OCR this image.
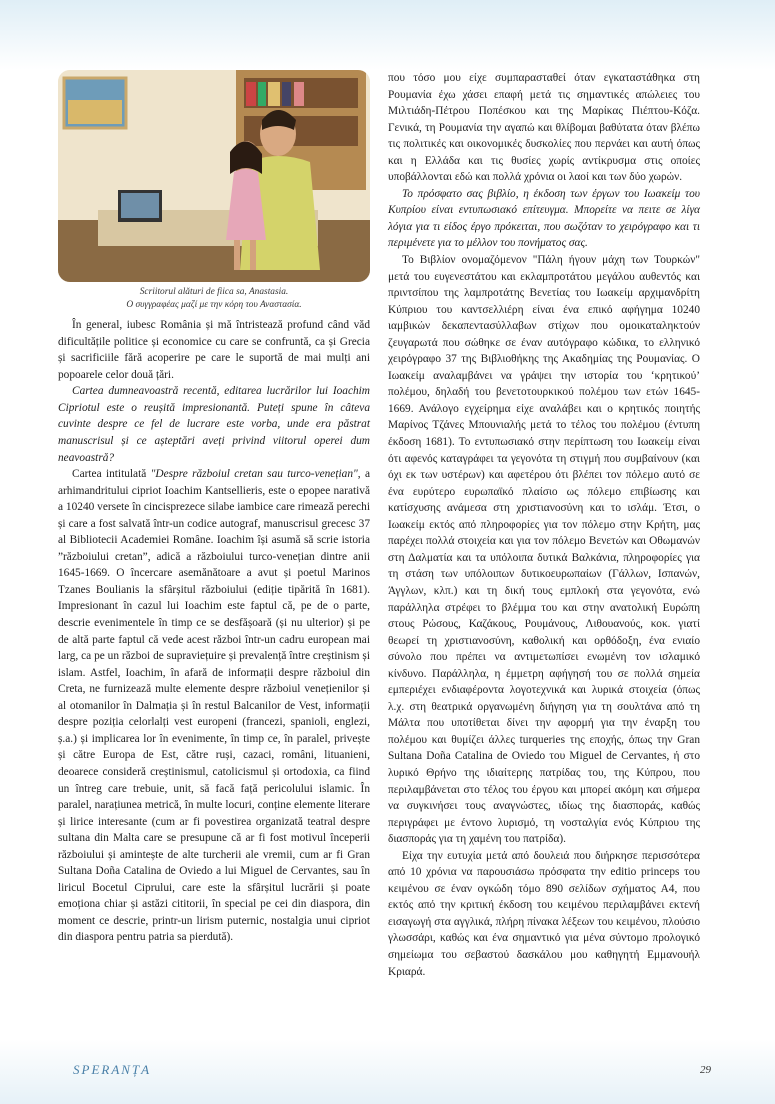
Scriitorul alături de fiica sa, Anastasia.
Ο συγγραφέας μαζί με την κόρη του Αναστασία.

În general, iubesc România și mă întristează profund când văd dificultățile politice și economice cu care se confruntă, ca și Grecia și sacrificiile fără acoperire pe care le suportă de mai mulți ani popoarele celor două țări.

Cartea dumneavoastră recentă, editarea lucrărilor lui Ioachim Cipriotul este o reușită impresionantă. Puteți spune în câteva cuvinte despre ce fel de lucrare este vorba, unde era păstrat manuscrisul și ce așteptări aveți privind viitorul operei dum neavoastră?

Cartea intitulată "Despre războiul cretan sau turco-venețian", a arhimandritului cipriot Ioachim Kantsellieris, este o epopee narativă a 10240 versete în cincisprezece silabe iambice care rimează perechi și care a fost salvată într-un codice autograf, manuscrisul grecesc 37 al Bibliotecii Academiei Române. Ioachim își asumă să scrie istoria ”războiului cretan”, adică a războiului turco-venețian dintre anii 1645-1669. O încercare asemănătoare a avut și poetul Marinos Tzanes Boulianis la sfârșitul războiului (ediție tipărită în 1681). Impresionant în cazul lui Ioachim este faptul că, pe de o parte, descrie evenimentele în timp ce se desfășoară (și nu ulterior) și pe de altă parte faptul că vede acest război într-un cadru european mai larg, ca pe un război de supraviețuire și prevalență între creștinism și islam. Astfel, Ioachim, în afară de informații despre războiul din Creta, ne furnizează multe elemente despre războiul venețienilor și al otomanilor în Dalmația și în restul Balcanilor de Vest, informații despre poziția celorlalți vest europeni (francezi, spanioli, englezi, ș.a.) și implicarea lor în evenimente, în timp ce, în paralel, privește și către Europa de Est, către ruși, cazaci, români, lituanieni, deoarece consideră creștinismul, catolicismul și ortodoxia, ca fiind un întreg care trebuie, unit, să facă față pericolului islamic. În paralel, narațiunea metrică, în multe locuri, conține elemente literare și lirice interesante (cum ar fi povestirea organizată teatral despre sultana din Malta care se presupune că ar fi fost motivul începerii războiului și amintește de alte turcherii ale vremii, cum ar fi Gran Sultana Doña Catalina de Oviedo a lui Miguel de Cervantes, sau în liricul Bocetul Ciprului, care este la sfârșitul lucrării și poate emoționa chiar și astăzi cititorii, în special pe cei din diaspora, din moment ce descrie, printr-un lirism puternic, nostalgia unui cipriot din diaspora pentru patria sa pierdută).

που τόσο μου είχε συμπαρασταθεί όταν εγκαταστάθηκα στη Ρουμανία έχω χάσει επαφή μετά τις σημαντικές απώλειες του Μιλτιάδη-Πέτρου Ποπέσκου και της Μαρίκας Πιέπτου-Κόζα. Γενικά, τη Ρουμανία την αγαπώ και θλίβομαι βαθύτατα όταν βλέπω τις πολιτικές και οικονομικές δυσκολίες που περνάει και αυτή όπως και η Ελλάδα και τις θυσίες χωρίς αντίκρυσμα στις οποίες υποβάλλονται εδώ και πολλά χρόνια οι λαοί και των δύο χωρών.

Το πρόσφατο σας βιβλίο, η έκδοση των έργων του Ιωακείμ του Κυπρίου είναι εντυπωσιακό επίτευγμα. Μπορείτε να πειτε σε λίγα λόγια για τι είδος έργο πρόκειται, που σωζόταν το χειρόγραφο και τι περιμένετε για το μέλλον του πονήματος σας.

Το Βιβλίον ονομαζόμενον "Πάλη ήγουν μάχη των Τουρκών" μετά του ευγενεστάτου και εκλαμπροτάτου μεγάλου αυθεντός και πριντσίπου της λαμπροτάτης Βενετίας του Ιωακείμ αρχιμανδρίτη Κύπριου του καντσελλιέρη είναι ένα επικό αφήγημα 10240 ιαμβικών δεκαπεντασύλλαβων στίχων που ομοικαταληκτούν ζευγαρωτά που σώθηκε σε έναν αυτόγραφο κώδικα, το ελληνικό χειρόγραφο 37 της Βιβλιοθήκης της Ακαδημίας της Ρουμανίας. Ο Ιωακείμ αναλαμβάνει να γράψει την ιστορία του ‘κρητικού’ πολέμου, δηλαδή του βενετοτουρκικού πολέμου των ετών 1645-1669. Ανάλογο εγχείρημα είχε αναλάβει και ο κρητικός ποιητής Μαρίνος Τζάνες Μπουνιαλής μετά το τέλος του πολέμου (έντυπη έκδοση 1681). Το εντυπωσιακό στην περίπτωση του Ιωακείμ είναι ότι αφενός καταγράφει τα γεγονότα τη στιγμή που συμβαίνουν (και όχι εκ των υστέρων) και αφετέρου ότι βλέπει τον πόλεμο αυτό σε ένα ευρύτερο ευρωπαϊκό πλαίσιο ως πόλεμο επιβίωσης και κατίσχυσης ανάμεσα στη χριστιανοσύνη και το ισλάμ. Έτσι, ο Ιωακείμ εκτός από πληροφορίες για τον πόλεμο στην Κρήτη, μας παρέχει πολλά στοιχεία και για τον πόλεμο Βενετών και Οθωμανών στη Δαλματία και τα υπόλοιπα δυτικά Βαλκάνια, πληροφορίες για τη στάση των υπόλοιπων δυτικοευρωπαίων (Γάλλων, Ισπανών, Άγγλων, κλπ.) και τη δική τους εμπλοκή στα γεγονότα, ενώ παράλληλα στρέφει το βλέμμα του και στην ανατολική Ευρώπη στους Ρώσους, Καζάκους, Ρουμάνους, Λιθουανούς, κοκ. γιατί θεωρεί τη χριστιανοσύνη, καθολική και ορθόδοξη, ένα ενιαίο σύνολο που πρέπει να αντιμετωπίσει ενωμένη τον ισλαμικό κίνδυνο. Παράλληλα, η έμμετρη αφήγησή του σε πολλά σημεία εμπεριέχει ενδιαφέροντα λογοτεχνικά και λυρικά στοιχεία (όπως λ.χ. στη θεατρικά οργανωμένη διήγηση για τη σουλτάνα από τη Μάλτα που υποτίθεται δίνει την αφορμή για την έναρξη του πολέμου και θυμίζει άλλες turqueries της εποχής, όπως την Gran Sultana Doña Catalina de Oviedo του Miguel de Cervantes, ή στο λυρικό Θρήνο της ιδιαίτερης πατρίδας του, της Κύπρου, που περιλαμβάνεται στο τέλος του έργου και μπορεί ακόμη και σήμερα να συγκινήσει τους αναγνώστες, ιδίως της διασποράς, καθώς περιγράφει με έντονο λυρισμό, τη νοσταλγία ενός Κύπριου της διασποράς για τη χαμένη του πατρίδα).

Είχα την ευτυχία μετά από δουλειά που διήρκησε περισσότερα από 10 χρόνια να παρουσιάσω πρόσφατα την editio princeps του κειμένου σε έναν ογκώδη τόμο 890 σελίδων σχήματος Α4, που εκτός από την κριτική έκδοση του κειμένου περιλαμβάνει εκτενή εισαγωγή στα αγγλικά, πλήρη πίνακα λέξεων του κειμένου, πλούσιο γλωσσάρι, καθώς και ένα σημαντικό για μένα σύντομο προλογικό σημείωμα του σεβαστού δασκάλου μου καθηγητή Εμμανουήλ Κριαρά.

SPERANȚA	29
